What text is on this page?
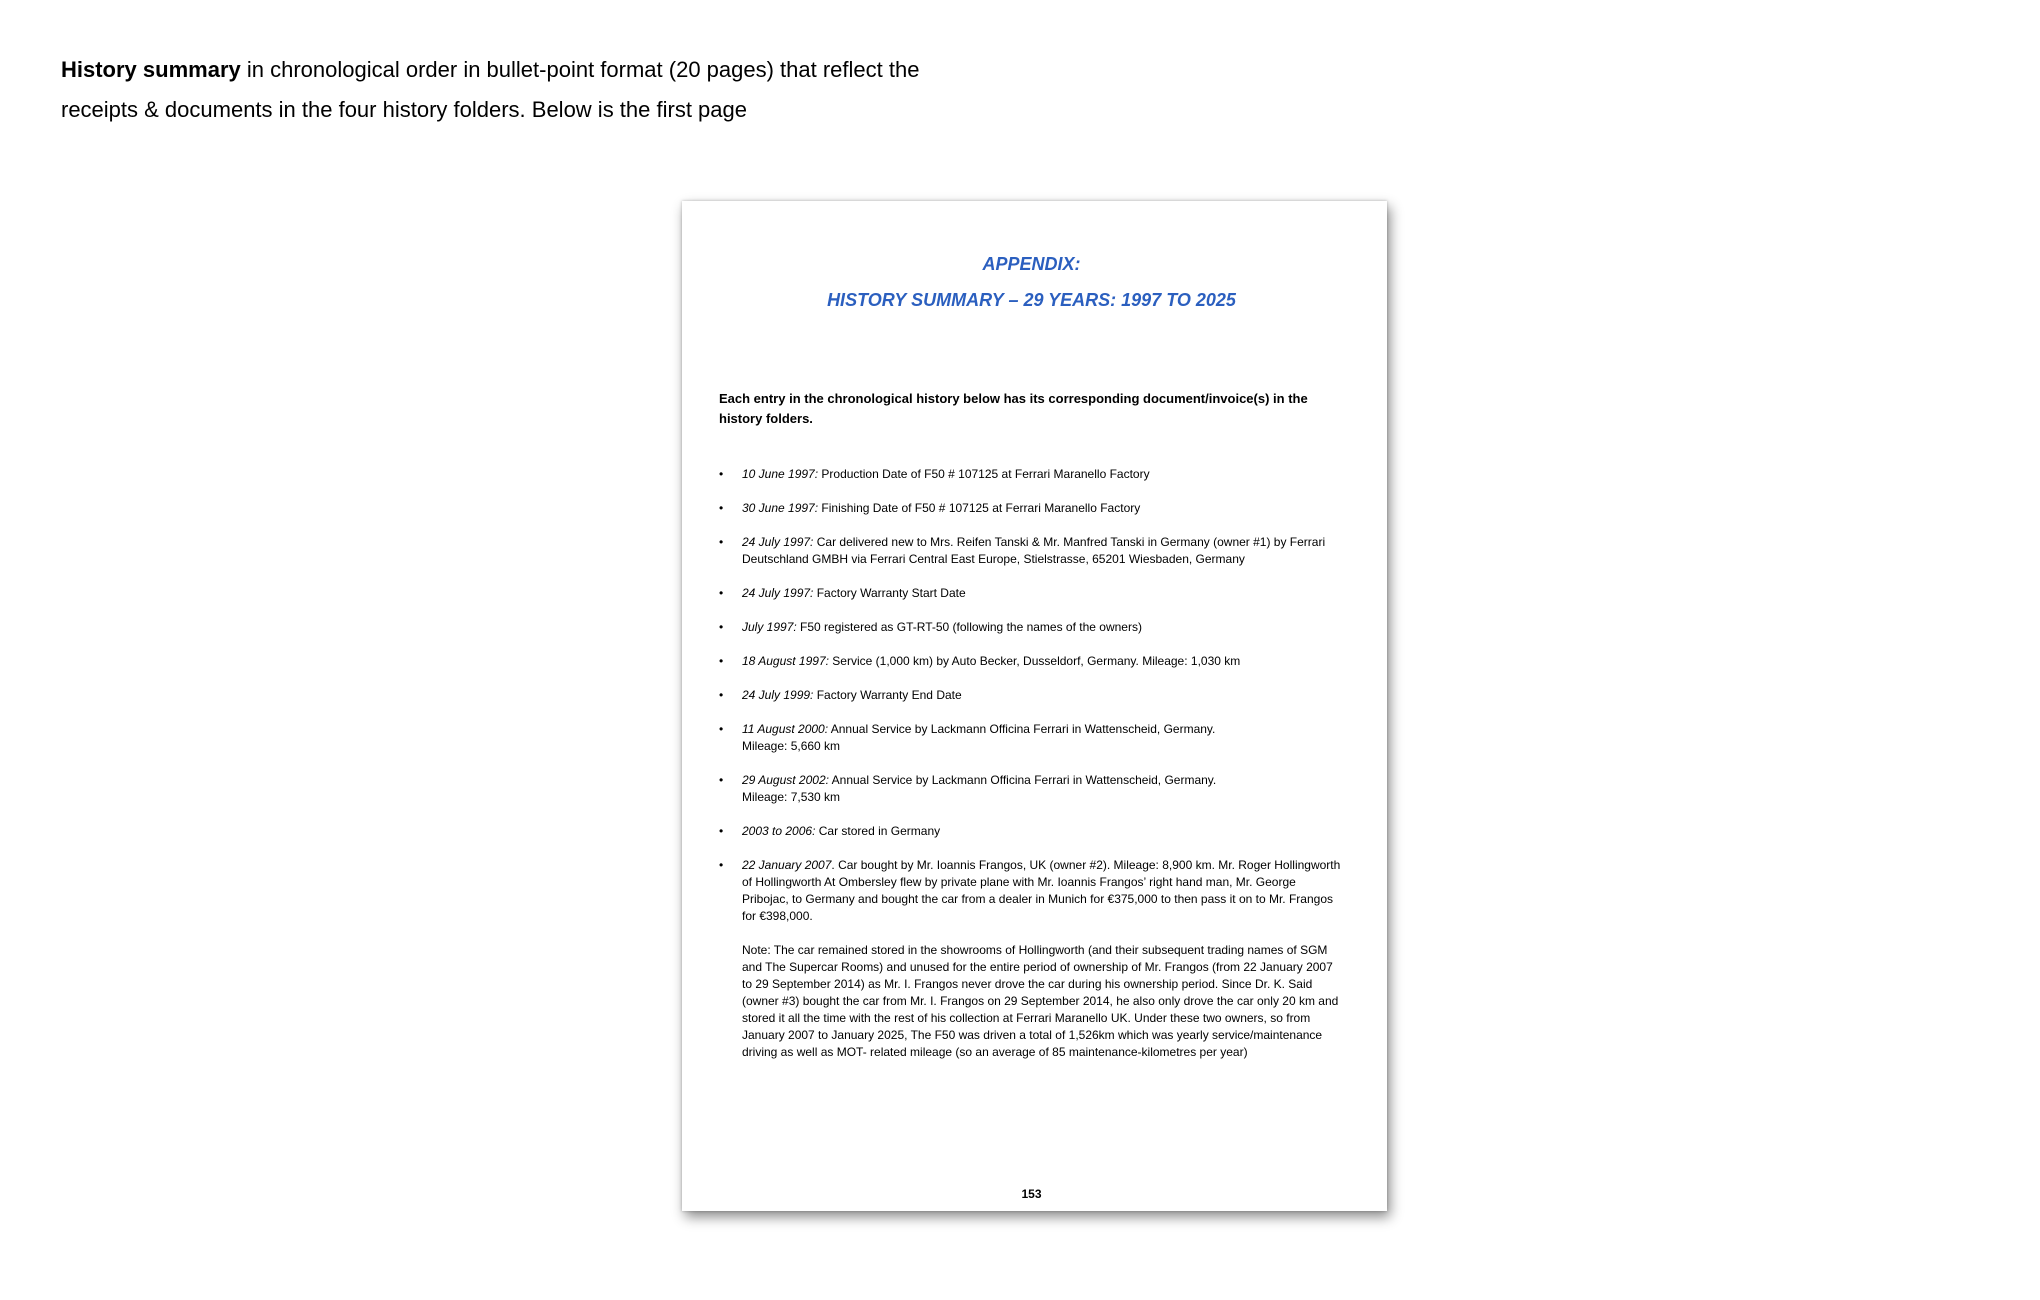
History summary in chronological order in bullet-point format (20 pages) that reflect the
receipts & documents in the four history folders. Below is the first page
APPENDIX:
HISTORY SUMMARY – 29 YEARS: 1997 TO 2025
Each entry in the chronological history below has its corresponding document/invoice(s) in the history folders.
• 10 June 1997: Production Date of F50 # 107125 at Ferrari Maranello Factory
• 30 June 1997: Finishing Date of F50 # 107125 at Ferrari Maranello Factory
• 24 July 1997: Car delivered new to Mrs. Reifen Tanski & Mr. Manfred Tanski in Germany (owner #1) by Ferrari Deutschland GMBH via Ferrari Central East Europe, Stielstrasse, 65201 Wiesbaden, Germany
• 24 July 1997: Factory Warranty Start Date
• July 1997: F50 registered as GT-RT-50 (following the names of the owners)
• 18 August 1997: Service (1,000 km) by Auto Becker, Dusseldorf, Germany. Mileage: 1,030 km
• 24 July 1999: Factory Warranty End Date
• 11 August 2000: Annual Service by Lackmann Officina Ferrari in Wattenscheid, Germany.
Mileage: 5,660 km
• 29 August 2002: Annual Service by Lackmann Officina Ferrari in Wattenscheid, Germany.
Mileage: 7,530 km
• 2003 to 2006: Car stored in Germany
• 22 January 2007. Car bought by Mr. Ioannis Frangos, UK (owner #2). Mileage: 8,900 km. Mr. Roger Hollingworth of Hollingworth At Ombersley flew by private plane with Mr. Ioannis Frangos’ right hand man, Mr. George Pribojac, to Germany and bought the car from a dealer in Munich for €375,000 to then pass it on to Mr. Frangos for €398,000.
Note: The car remained stored in the showrooms of Hollingworth (and their subsequent trading names of SGM and The Supercar Rooms) and unused for the entire period of ownership of Mr. Frangos (from 22 January 2007 to 29 September 2014) as Mr. I. Frangos never drove the car during his ownership period. Since Dr. K. Said (owner #3) bought the car from Mr. I. Frangos on 29 September 2014, he also only drove the car only 20 km and stored it all the time with the rest of his collection at Ferrari Maranello UK. Under these two owners, so from January 2007 to January 2025, The F50 was driven a total of 1,526km which was yearly service/maintenance driving as well as MOT- related mileage (so an average of 85 maintenance-kilometres per year)
153
